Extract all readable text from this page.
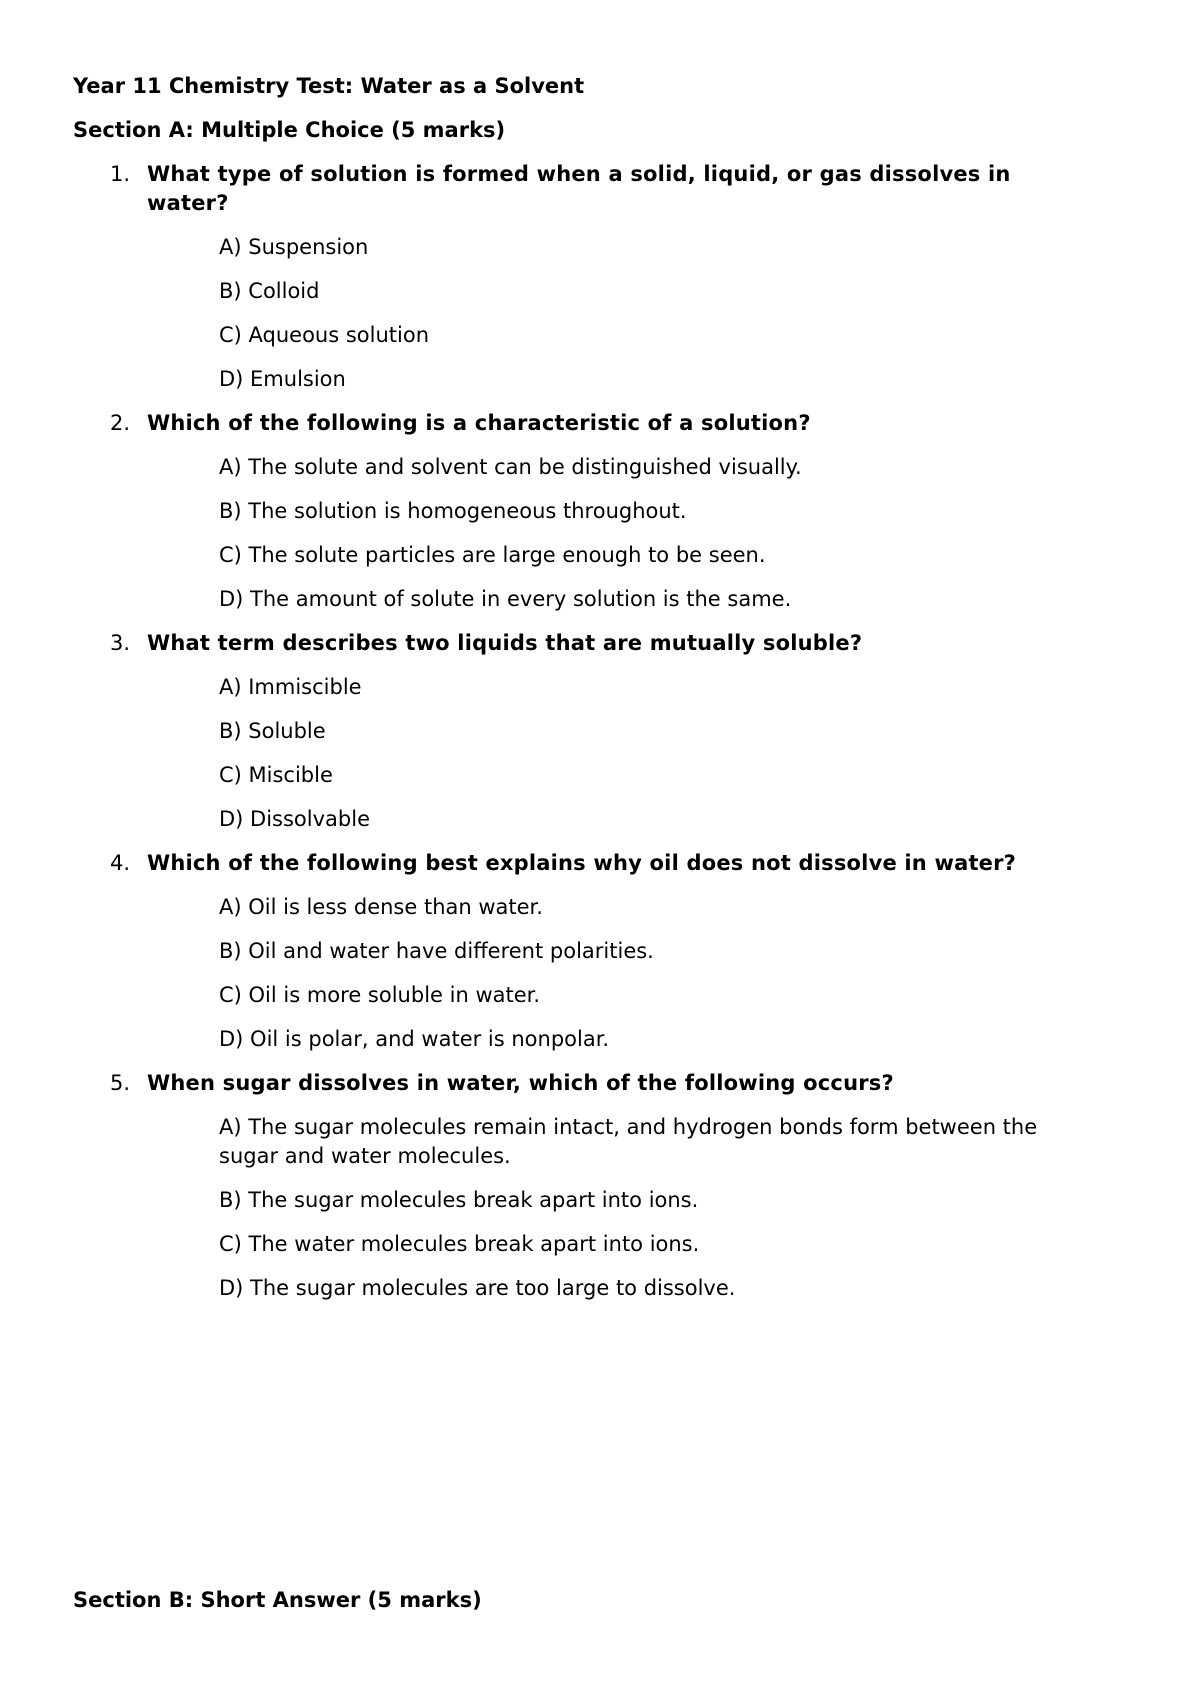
Year 11 Chemistry Test: Water as a Solvent
Section A: Multiple Choice (5 marks)
1. What type of solution is formed when a solid, liquid, or gas dissolves in water?

A) Suspension
B) Colloid
C) Aqueous solution
D) Emulsion
2. Which of the following is a characteristic of a solution?

A) The solute and solvent can be distinguished visually.
B) The solution is homogeneous throughout.
C) The solute particles are large enough to be seen.
D) The amount of solute in every solution is the same.
3. What term describes two liquids that are mutually soluble?

A) Immiscible
B) Soluble
C) Miscible
D) Dissolvable
4. Which of the following best explains why oil does not dissolve in water?

A) Oil is less dense than water.
B) Oil and water have different polarities.
C) Oil is more soluble in water.
D) Oil is polar, and water is nonpolar.
5. When sugar dissolves in water, which of the following occurs?

A) The sugar molecules remain intact, and hydrogen bonds form between the sugar and water molecules.
B) The sugar molecules break apart into ions.
C) The water molecules break apart into ions.
D) The sugar molecules are too large to dissolve.
Section B: Short Answer (5 marks)
